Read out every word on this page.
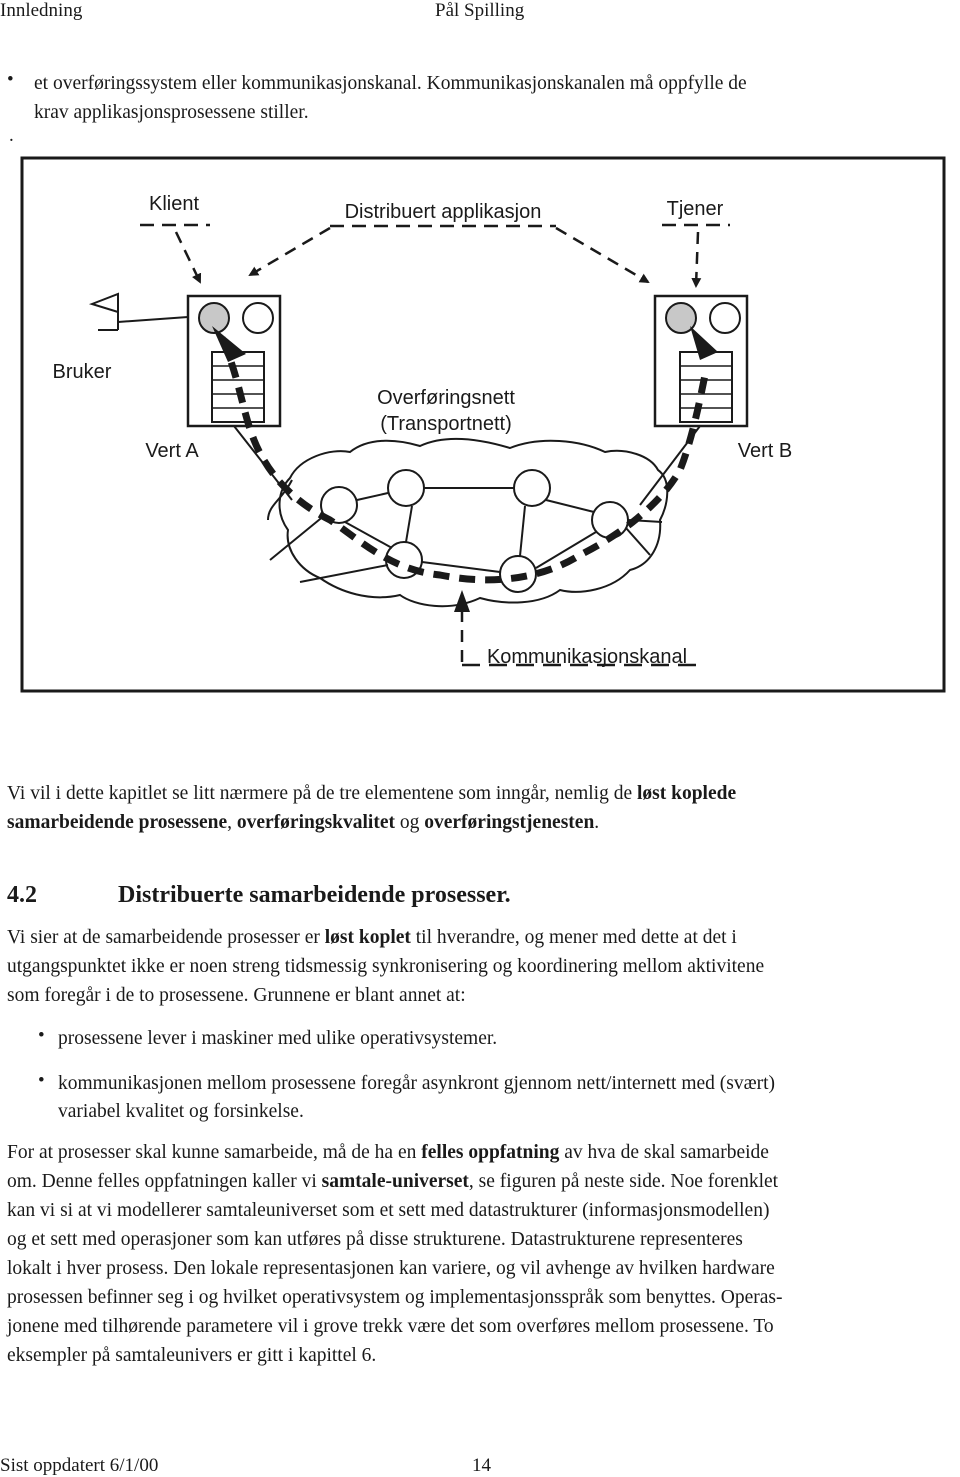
Innledning	Pål Spilling
• et overføringssystem eller kommunikasjonskanal. Kommunikasjonskanalen må oppfylle de
krav applikasjonsprosessene stiller.
.
Klient	Distribuert applikasjon	Tjener
Bruker
Vert A	Vert B
Overføringsnett
(Transportnett)
Kommunikasjonskanal
Vi vil i dette kapitlet se litt nærmere på de tre elementene som inngår, nemlig de løst koplede
samarbeidende prosessene, overføringskvalitet og overføringstjenesten.
4.2	Distribuerte samarbeidende prosesser.
Vi sier at de samarbeidende prosesser er løst koplet til hverandre, og mener med dette at det i
utgangspunktet ikke er noen streng tidsmessig synkronisering og koordinering mellom aktivitene
som foregår i de to prosessene. Grunnene er blant annet at:
• prosessene lever i maskiner med ulike operativsystemer.
• kommunikasjonen mellom prosessene foregår asynkront gjennom nett/internett med (svært)
variabel kvalitet og forsinkelse.
For at prosesser skal kunne samarbeide, må de ha en felles oppfatning av hva de skal samarbeide
om. Denne felles oppfatningen kaller vi samtale-universet, se figuren på neste side. Noe forenklet
kan vi si at vi modellerer samtaleuniverset som et sett med datastrukturer (informasjonsmodellen)
og et sett med operasjoner som kan utføres på disse strukturene. Datastrukturene representeres
lokalt i hver prosess. Den lokale representasjonen kan variere, og vil avhenge av hvilken hardware
prosessen befinner seg i og hvilket operativsystem og implementasjonsspråk som benyttes. Operas-
jonene med tilhørende parametere vil i grove trekk være det som overføres mellom prosessene. To
eksempler på samtaleunivers er gitt i kapittel 6.
Sist oppdatert 6/1/00	14
